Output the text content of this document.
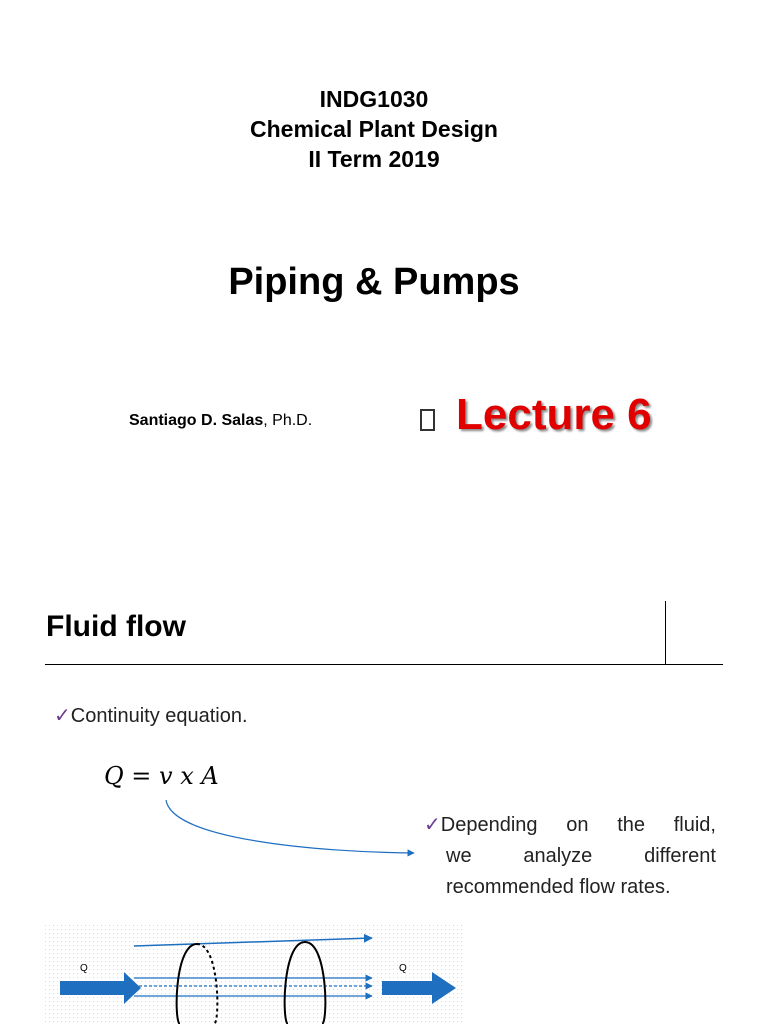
INDG1030
Chemical Plant Design
II Term 2019
Piping & Pumps
Santiago D. Salas, Ph.D.	Lecture 6
Fluid flow
✓Continuity equation.
Q = v x A
✓Depending on the fluid,
we	analyze	different
recommended flow rates.
Q	Q
